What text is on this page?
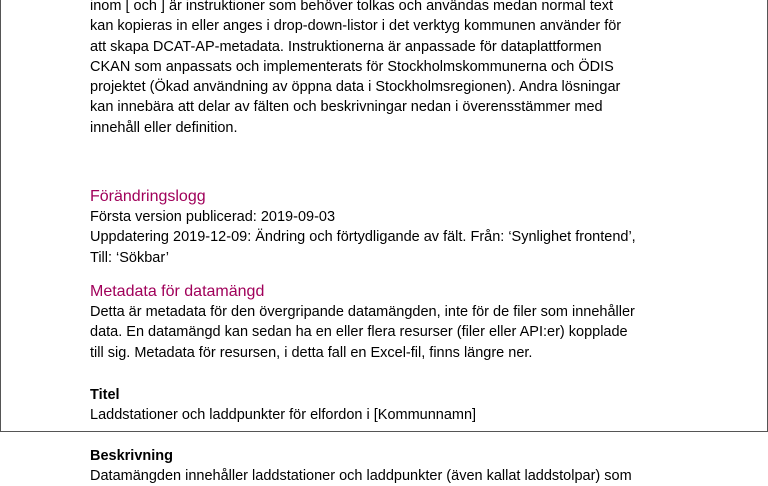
inom [ och ] är instruktioner som behöver tolkas och användas medan normal text

kan kopieras in eller anges i drop-down-listor i det verktyg kommunen använder för

att skapa DCAT-AP-metadata. Instruktionerna är anpassade för dataplattformen

CKAN som anpassats och implementerats för Stockholmskommunerna och ÖDIS

projektet (Ökad användning av öppna data i Stockholmsregionen). Andra lösningar

kan innebära att delar av fälten och beskrivningar nedan i överensstämmer med

innehåll eller definition.

Förändringslogg

Första version publicerad: 2019-09-03

Uppdatering 2019-12-09: Ändring och förtydligande av fält. Från: ‘Synlighet frontend’,

Till: ‘Sökbar’

Metadata för datamängd

Detta är metadata för den övergripande datamängden, inte för de filer som innehåller

data. En datamängd kan sedan ha en eller flera resurser (filer eller API:er) kopplade

till sig. Metadata för resursen, i detta fall en Excel-fil, finns längre ner.

Titel

Laddstationer och laddpunkter för elfordon i [Kommunnamn]

Beskrivning

Datamängden innehåller laddstationer och laddpunkter (även kallat laddstolpar) som
